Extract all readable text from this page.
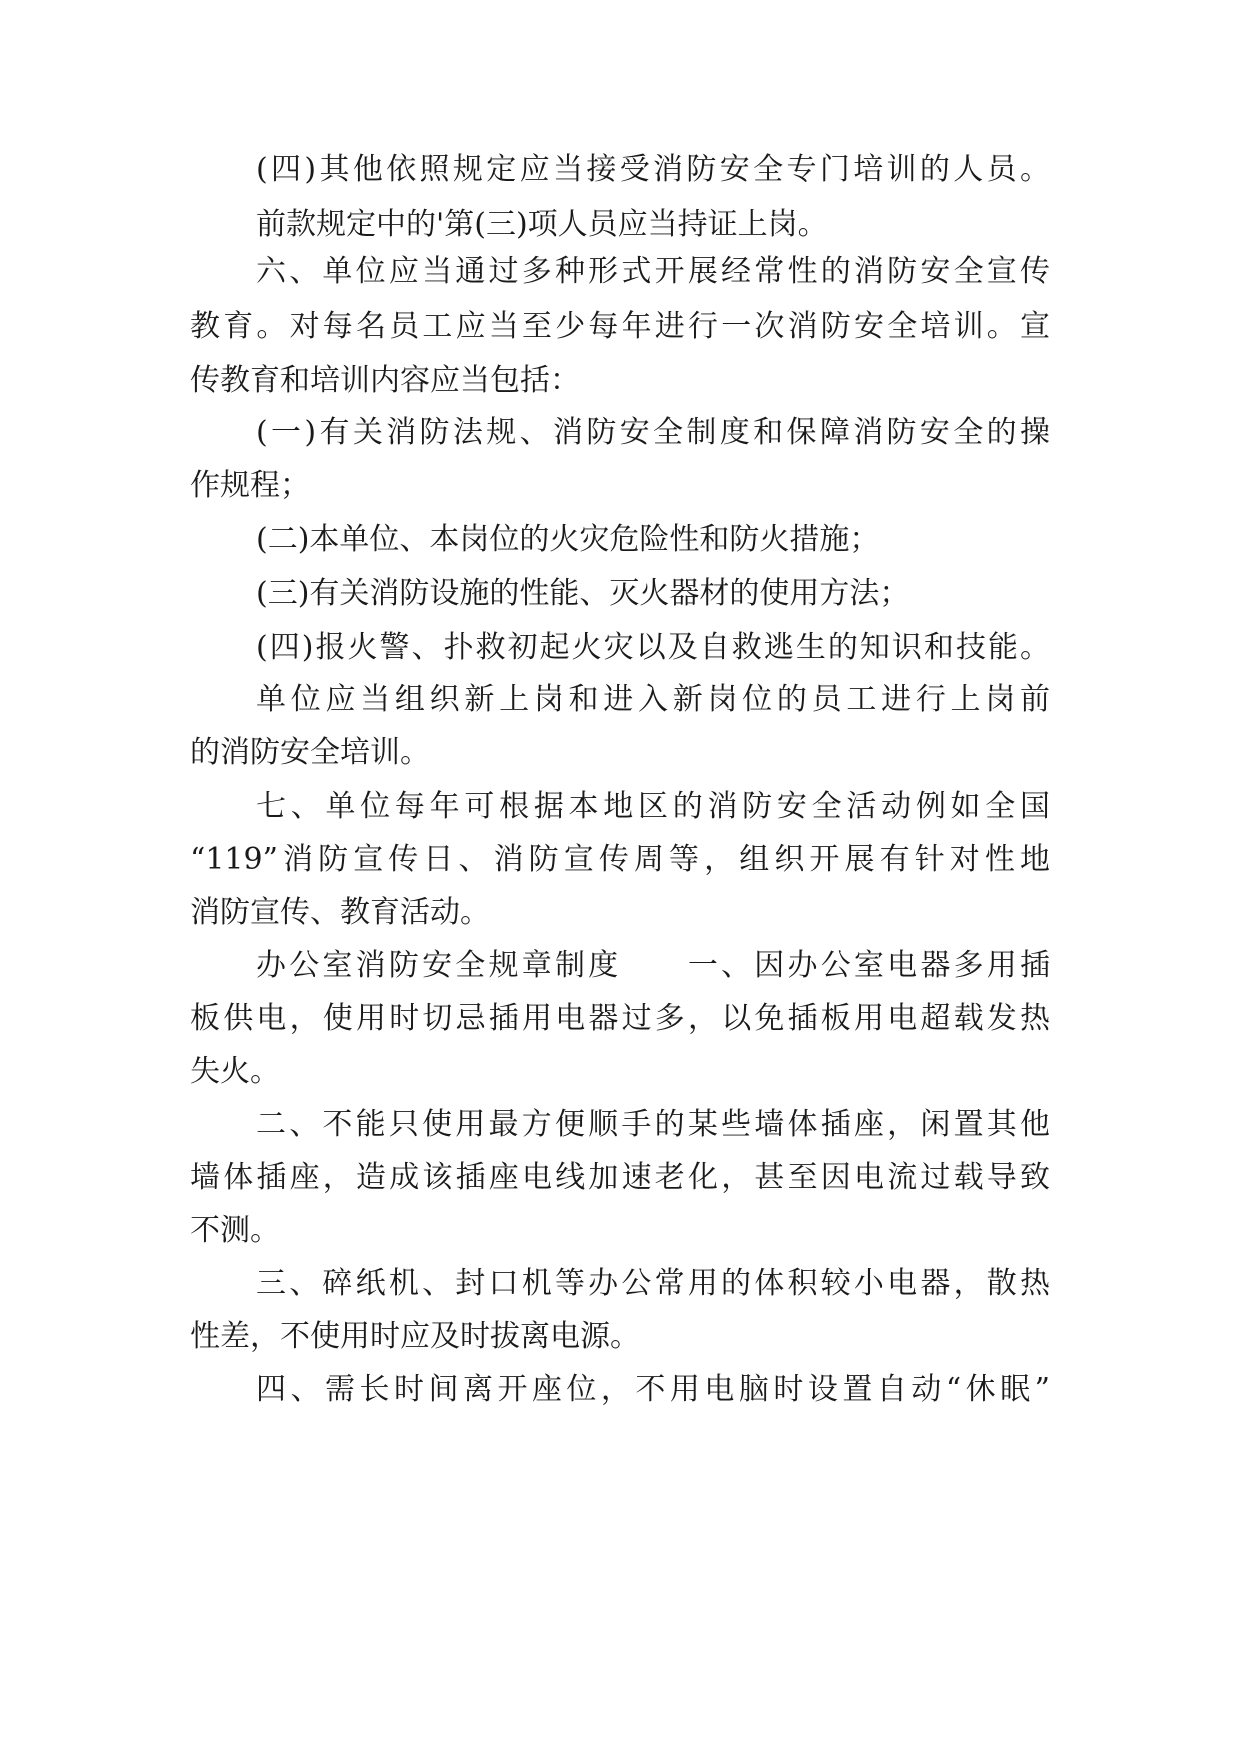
(四)其他依照规定应当接受消防安全专门培训的人员。
前款规定中的'第(三)项人员应当持证上岗。
六、单位应当通过多种形式开展经常性的消防安全宣传
教育。对每名员工应当至少每年进行一次消防安全培训。宣
传教育和培训内容应当包括：
(一)有关消防法规、消防安全制度和保障消防安全的操
作规程；
(二)本单位、本岗位的火灾危险性和防火措施；
(三)有关消防设施的性能、灭火器材的使用方法；
(四)报火警、扑救初起火灾以及自救逃生的知识和技能。
单位应当组织新上岗和进入新岗位的员工进行上岗前
的消防安全培训。
七、单位每年可根据本地区的消防安全活动例如全国
“119”消防宣传日、消防宣传周等，组织开展有针对性地
消防宣传、教育活动。
办公室消防安全规章制度　　一、因办公室电器多用插
板供电，使用时切忌插用电器过多，以免插板用电超载发热
失火。
二、不能只使用最方便顺手的某些墙体插座，闲置其他
墙体插座，造成该插座电线加速老化，甚至因电流过载导致
不测。
三、碎纸机、封口机等办公常用的体积较小电器，散热
性差，不使用时应及时拔离电源。
四、需长时间离开座位，不用电脑时设置自动“休眠”
